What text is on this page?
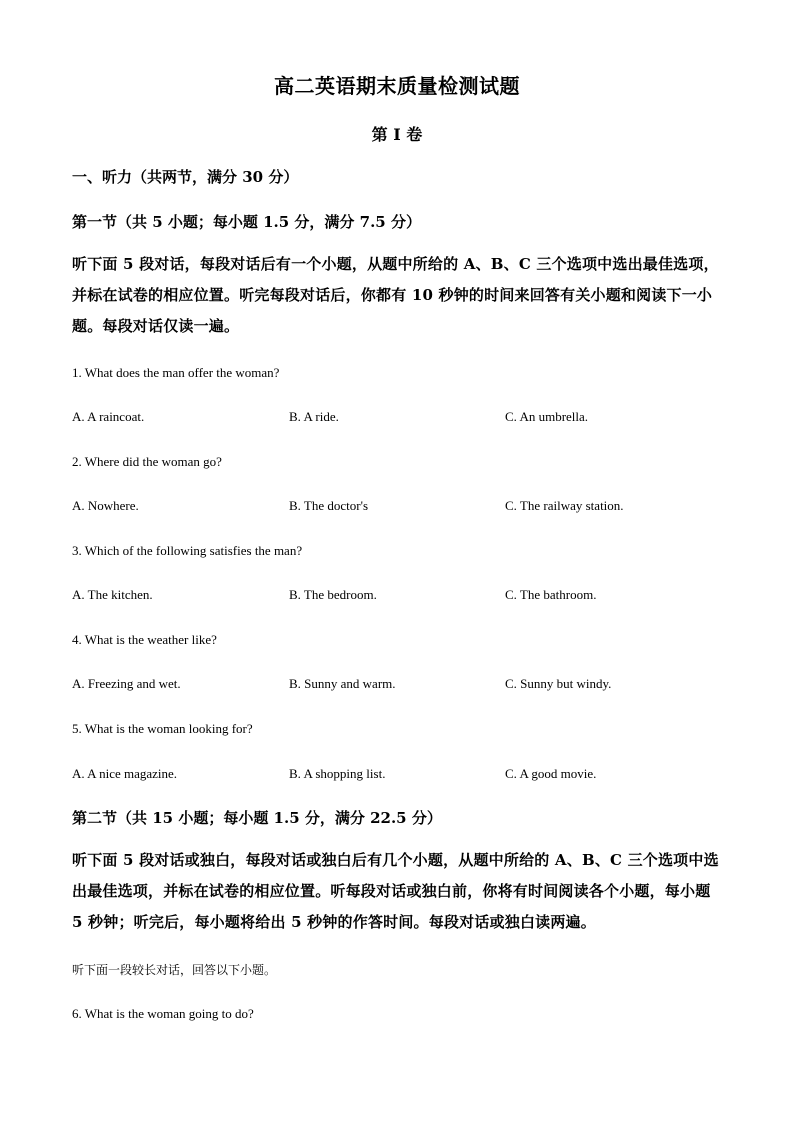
高二英语期末质量检测试题
第 I 卷
一、听力（共两节，满分 30 分）
第一节（共 5 小题；每小题 1.5 分，满分 7.5 分）
听下面 5 段对话，每段对话后有一个小题，从题中所给的 A、B、C 三个选项中选出最佳选项，并标在试卷的相应位置。听完每段对话后，你都有 10 秒钟的时间来回答有关小题和阅读下一小题。每段对话仅读一遍。
1. What does the man offer the woman?
A. A raincoat.	B. A ride.	C. An umbrella.
2. Where did the woman go?
A. Nowhere.	B. The doctor's	C. The railway station.
3. Which of the following satisfies the man?
A. The kitchen.	B. The bedroom.	C. The bathroom.
4. What is the weather like?
A. Freezing and wet.	B. Sunny and warm.	C. Sunny but windy.
5. What is the woman looking for?
A. A nice magazine.	B. A shopping list.	C. A good movie.
第二节（共 15 小题；每小题 1.5 分，满分 22.5 分）
听下面 5 段对话或独白，每段对话或独白后有几个小题，从题中所给的 A、B、C 三个选项中选出最佳选项，并标在试卷的相应位置。听每段对话或独白前，你将有时间阅读各个小题，每小题 5 秒钟；听完后，每小题将给出 5 秒钟的作答时间。每段对话或独白读两遍。
听下面一段较长对话，回答以下小题。
6. What is the woman going to do?
